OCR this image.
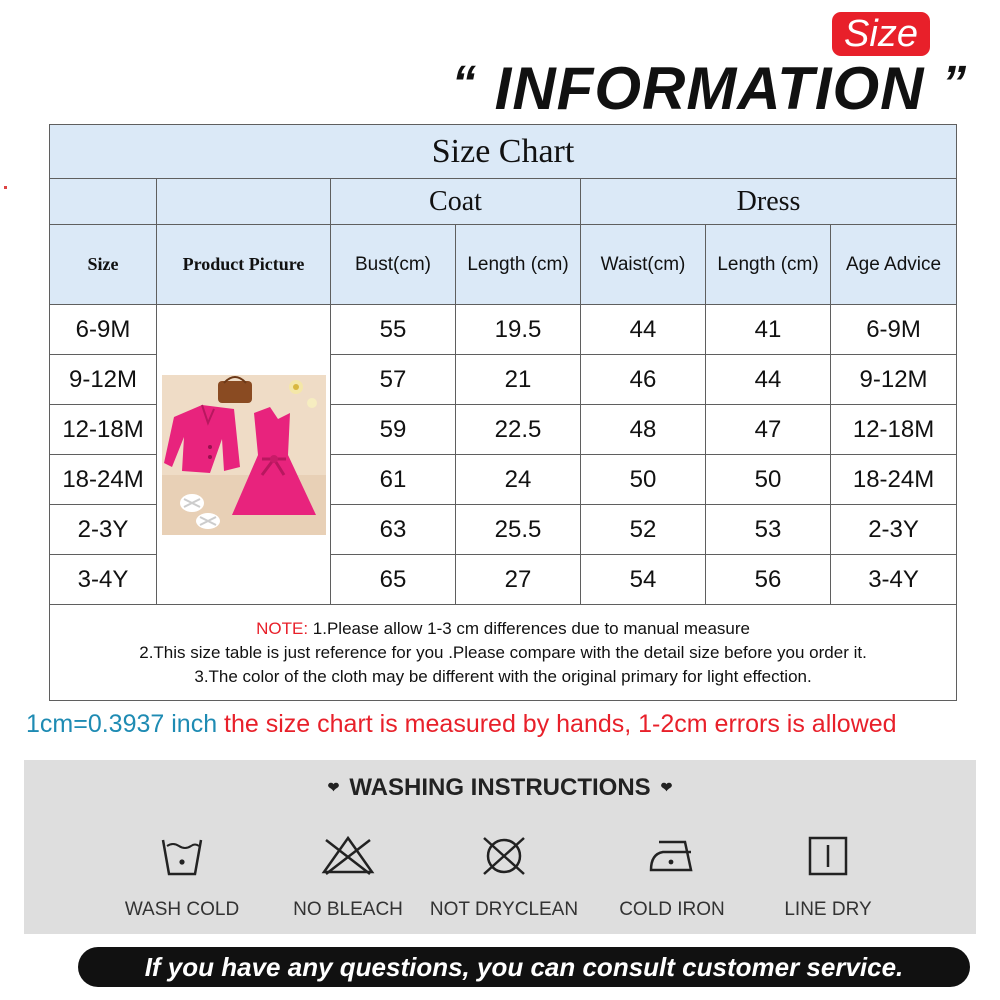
Size
“ INFORMATION ”
Size Chart						
		Coat		Dress		
Size	Product Picture	Bust(cm)	Length (cm)	Waist(cm)	Length (cm)	Age Advice
6-9M		55	19.5	44	41	6-9M
9-12M		57	21	46	44	9-12M
12-18M		59	22.5	48	47	12-18M
18-24M		61	24	50	50	18-24M
2-3Y		63	25.5	52	53	2-3Y
3-4Y		65	27	54	56	3-4Y

NOTE: 1.Please allow 1-3 cm differences due to manual measure
2.This size table is just reference for you .Please compare with the detail size before you order it.
3.The color of the cloth may be different with the original primary for light effection.						
1cm=0.3937 inch the size chart is measured by hands, 1-2cm errors is allowed
❤ WASHING INSTRUCTIONS ❤
WASH COLD	NO BLEACH	NOT DRYCLEAN	COLD IRON	LINE DRY
If you have any questions, you can consult customer service.
